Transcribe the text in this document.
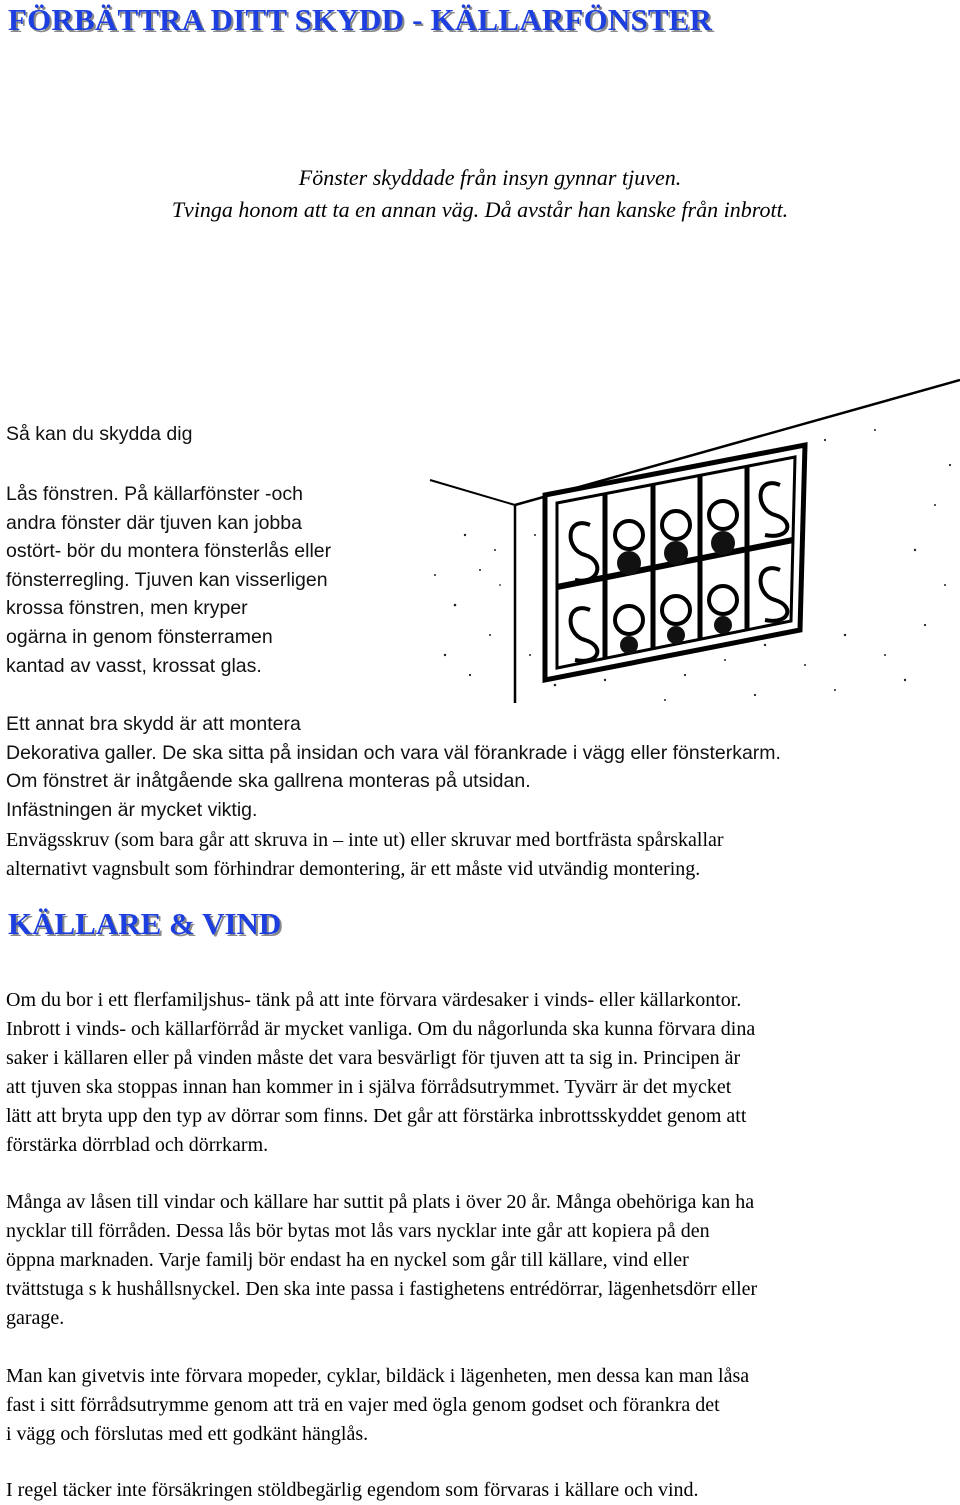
FÖRBÄTTRA DITT SKYDD - KÄLLARFÖNSTER
Fönster skyddade från insyn gynnar tjuven.
Tvinga honom att ta en annan väg. Då avstår han kanske från inbrott.
Så kan du skydda dig
Lås fönstren. På källarfönster -och
andra fönster där tjuven kan jobba
ostört- bör du montera fönsterlås eller
fönsterregling. Tjuven kan visserligen
krossa fönstren, men kryper
ogärna in genom fönsterramen
kantad av vasst, krossat glas.
Ett annat bra skydd är att montera
Dekorativa galler. De ska sitta på insidan och vara väl förankrade i vägg eller fönsterkarm.
Om fönstret är inåtgående ska gallrena monteras på utsidan.
Infästningen är mycket viktig.
Envägsskruv (som bara går att skruva in – inte ut) eller skruvar med bortfrästa spårskallar
alternativt vagnsbult som förhindrar demontering, är ett måste vid utvändig montering.
KÄLLARE & VIND
Om du bor i ett flerfamiljshus- tänk på att inte förvara värdesaker i vinds- eller källarkontor.
Inbrott i vinds- och källarförråd är mycket vanliga. Om du någorlunda ska kunna förvara dina
saker i källaren eller på vinden måste det vara besvärligt för tjuven att ta sig in. Principen är
att tjuven ska stoppas innan han kommer in i själva förrådsutrymmet. Tyvärr är det mycket
lätt att bryta upp den typ av dörrar som finns. Det går att förstärka inbrottsskyddet genom att
förstärka dörrblad och dörrkarm.
Många av låsen till vindar och källare har suttit på plats i över 20 år. Många obehöriga kan ha
nycklar till förråden. Dessa lås bör bytas mot lås vars nycklar inte går att kopiera på den
öppna marknaden. Varje familj bör endast ha en nyckel som går till källare, vind eller
tvättstuga s k hushållsnyckel. Den ska inte passa i fastighetens entrédörrar, lägenhetsdörr eller
garage.
Man kan givetvis inte förvara mopeder, cyklar, bildäck i lägenheten, men dessa kan man låsa
fast i sitt förrådsutrymme genom att trä en vajer med ögla genom godset och förankra det
i vägg och förslutas med ett godkänt hänglås.
I regel täcker inte försäkringen stöldbegärlig egendom som förvaras i källare och vind.
